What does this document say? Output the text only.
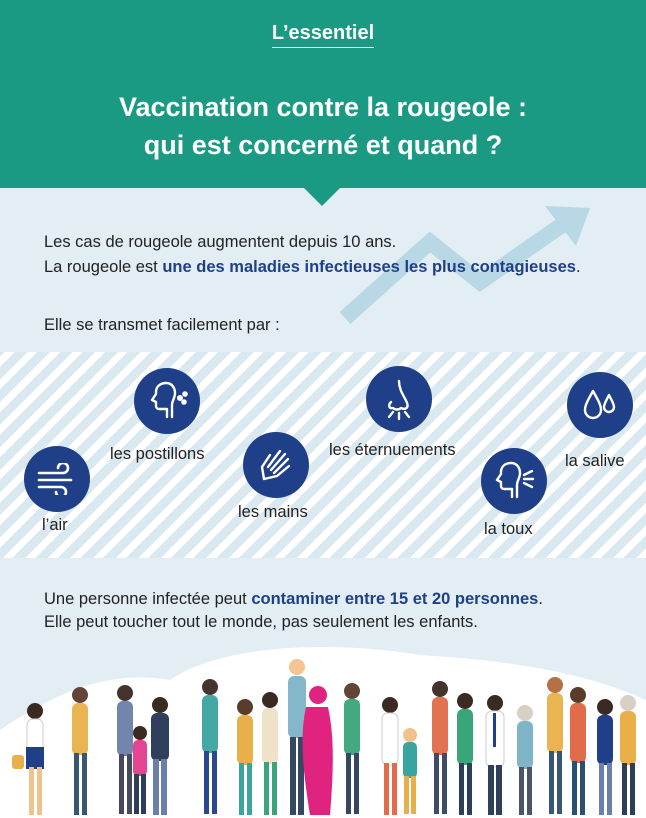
L’essentiel
Vaccination contre la rougeole :
qui est concerné et quand ?
Les cas de rougeole augmentent depuis 10 ans.
La rougeole est une des maladies infectieuses les plus contagieuses.
Elle se transmet facilement par :
l’air
les postillons
les mains
les éternuements
la toux
la salive
Une personne infectée peut contaminer entre 15 et 20 personnes.
Elle peut toucher tout le monde, pas seulement les enfants.
